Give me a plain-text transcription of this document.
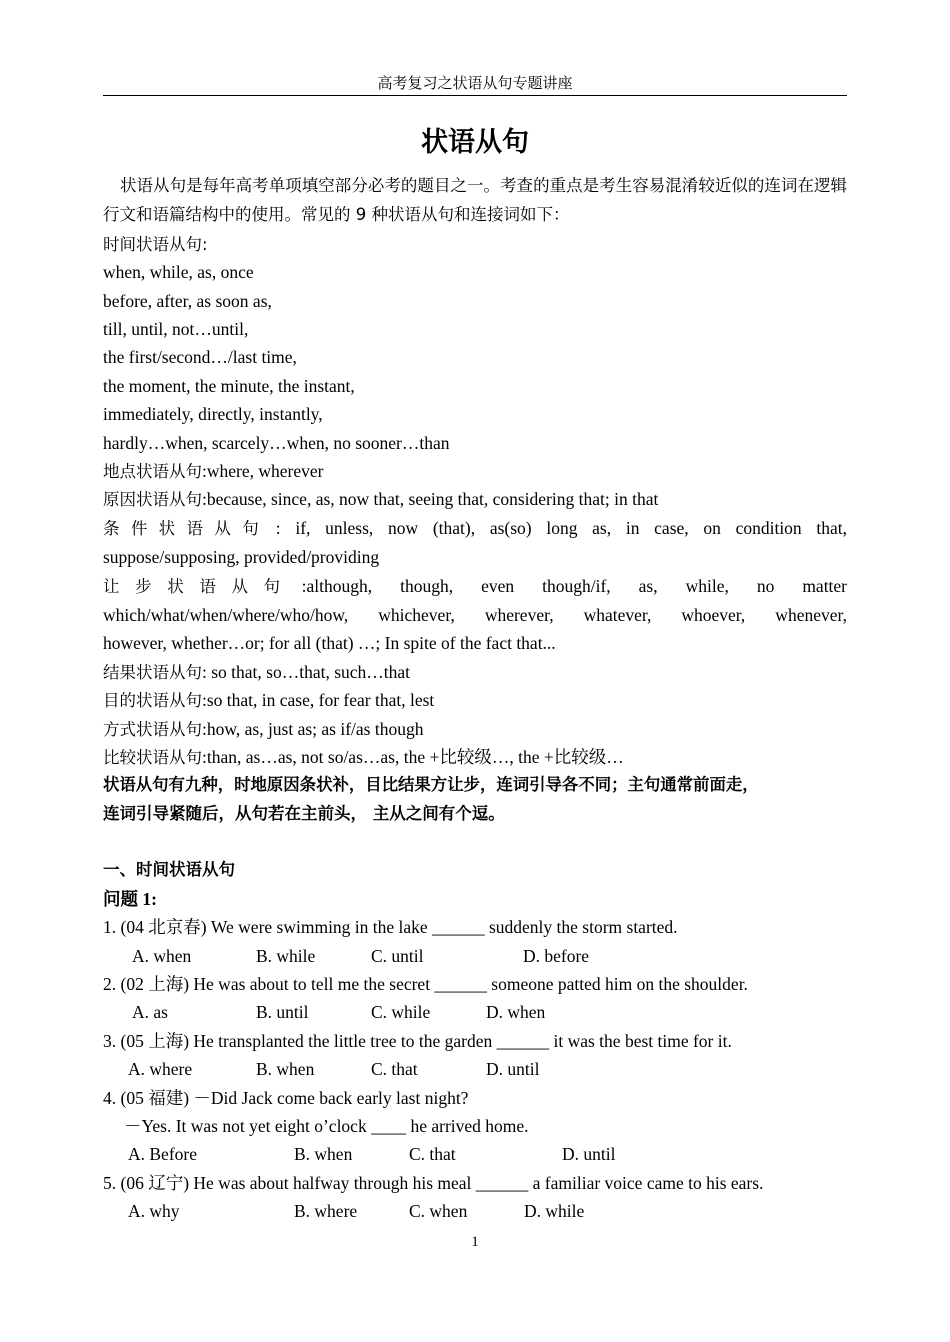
高考复习之状语从句专题讲座
状语从句
状语从句是每年高考单项填空部分必考的题目之一。考查的重点是考生容易混淆较近似的连词在逻辑行文和语篇结构中的使用。常见的 9 种状语从句和连接词如下：
时间状语从句:
when, while, as, once
before, after, as soon as,
till, until, not…until,
the first/second…/last time,
the moment, the minute, the instant,
immediately, directly, instantly,
hardly…when, scarcely…when, no sooner…than
地点状语从句:where, wherever
原因状语从句:because, since, as, now that, seeing that, considering that; in that
条件状语从句 : if, unless, now (that), as(so) long as, in case, on condition that,
suppose/supposing, provided/providing
让步状语从句 :although, though, even though/if, as, while, no matter
which/what/when/where/who/how, whichever, wherever, whatever, whoever, whenever,
however, whether…or; for all (that) …; In spite of the fact that...
结果状语从句: so that, so…that, such…that
目的状语从句:so that, in case, for fear that, lest
方式状语从句:how, as, just as; as if/as though
比较状语从句:than, as…as, not so/as…as, the +比较级…, the +比较级…
状语从句有九种，时地原因条状补，目比结果方让步，连词引导各不同；主句通常前面走，
连词引导紧随后，从句若在主前头， 主从之间有个逗。
一、时间状语从句
问题 1:
1. (04 北京春) We were swimming in the lake ______ suddenly the storm started.
A. when	B. while	C. until	D. before
2. (02 上海) He was about to tell me the secret ______ someone patted him on the shoulder.
A. as	B. until	C. while	D. when
3. (05 上海) He transplanted the little tree to the garden ______ it was the best time for it.
A. where	B. when	C. that	D. until
4. (05 福建) －Did Jack come back early last night?
－Yes. It was not yet eight o’clock ____ he arrived home.
A. Before	B. when	C. that	D. until
5. (06 辽宁) He was about halfway through his meal ______ a familiar voice came to his ears.
A. why	B. where	C. when	D. while
1
